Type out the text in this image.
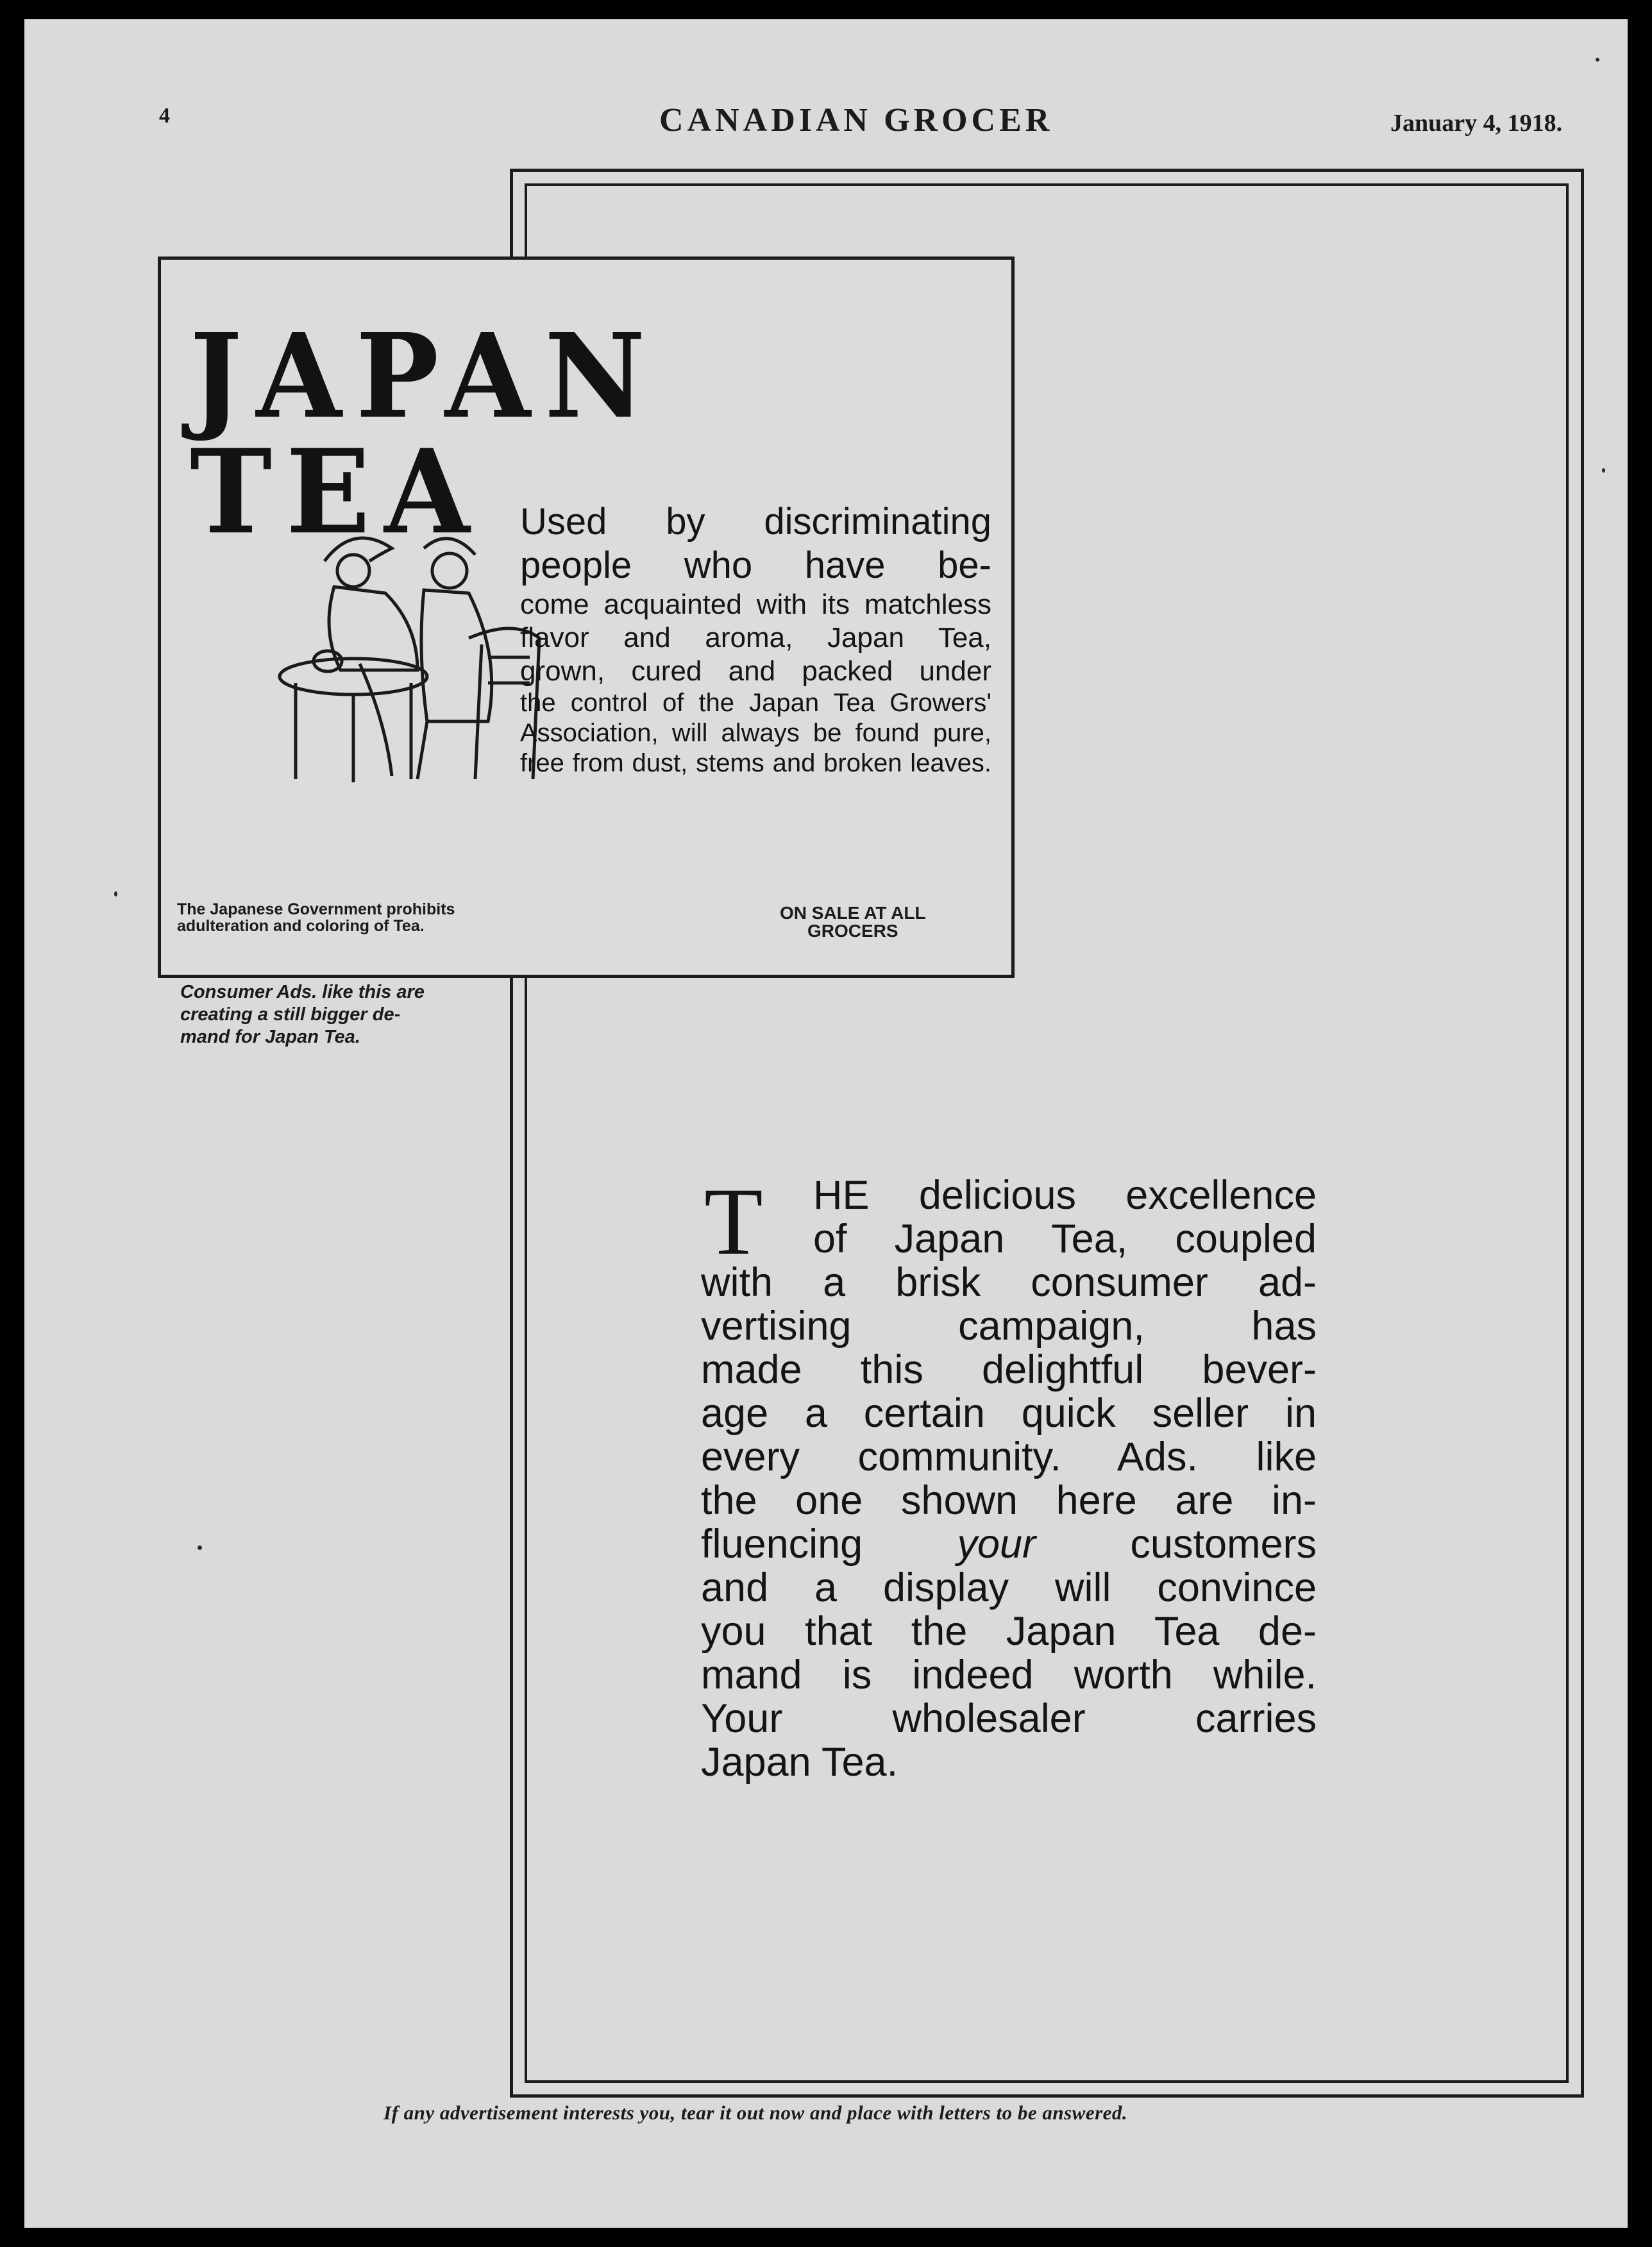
4	CANADIAN GROCER	January 4, 1918.
JAPAN TEA Used by discriminating
people who have be-
come acquainted with its matchless
flavor and aroma, Japan Tea,
grown, cured and packed under
the control of the Japan Tea Growers'
Association, will always be found pure,
free from dust, stems and broken leaves.
The Japanese Government prohibits
adulteration and coloring of Tea.
ON SALE AT ALL
GROCERS
Consumer Ads. like this are
creating a still bigger de-
mand for Japan Tea.
T	HE delicious excellence
of Japan Tea, coupled
with a brisk consumer ad-
vertising campaign, has
made this delightful bever-
age a certain quick seller in
every community. Ads. like
the one shown here are in-
fluencing your customers
and a display will convince
you that the Japan Tea de-
mand is indeed worth while.
Your wholesaler carries
Japan Tea.
If any advertisement interests you, tear it out now and place with letters to be answered.
